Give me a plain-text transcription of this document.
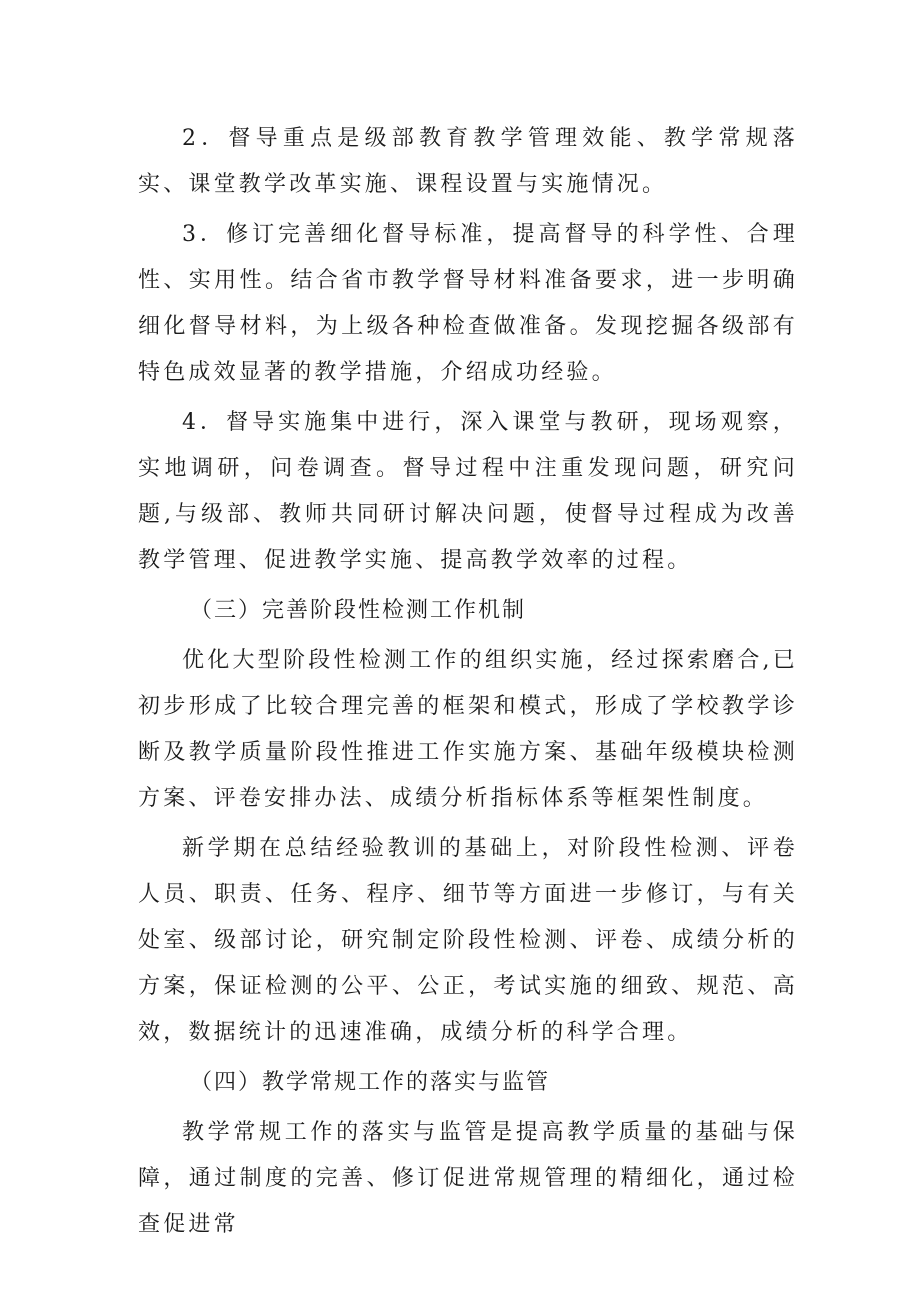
2．督导重点是级部教育教学管理效能、教学常规落实、课堂教学改革实施、课程设置与实施情况。

3．修订完善细化督导标准，提高督导的科学性、合理性、实用性。结合省市教学督导材料准备要求，进一步明确细化督导材料，为上级各种检查做准备。发现挖掘各级部有特色成效显著的教学措施，介绍成功经验。

4．督导实施集中进行，深入课堂与教研，现场观察，实地调研，问卷调查。督导过程中注重发现问题，研究问题,与级部、教师共同研讨解决问题，使督导过程成为改善教学管理、促进教学实施、提高教学效率的过程。

（三）完善阶段性检测工作机制

优化大型阶段性检测工作的组织实施，经过探索磨合,已初步形成了比较合理完善的框架和模式，形成了学校教学诊断及教学质量阶段性推进工作实施方案、基础年级模块检测方案、评卷安排办法、成绩分析指标体系等框架性制度。

新学期在总结经验教训的基础上，对阶段性检测、评卷人员、职责、任务、程序、细节等方面进一步修订，与有关处室、级部讨论，研究制定阶段性检测、评卷、成绩分析的方案，保证检测的公平、公正，考试实施的细致、规范、高效，数据统计的迅速准确，成绩分析的科学合理。

（四）教学常规工作的落实与监管

教学常规工作的落实与监管是提高教学质量的基础与保障，通过制度的完善、修订促进常规管理的精细化，通过检查促进常
